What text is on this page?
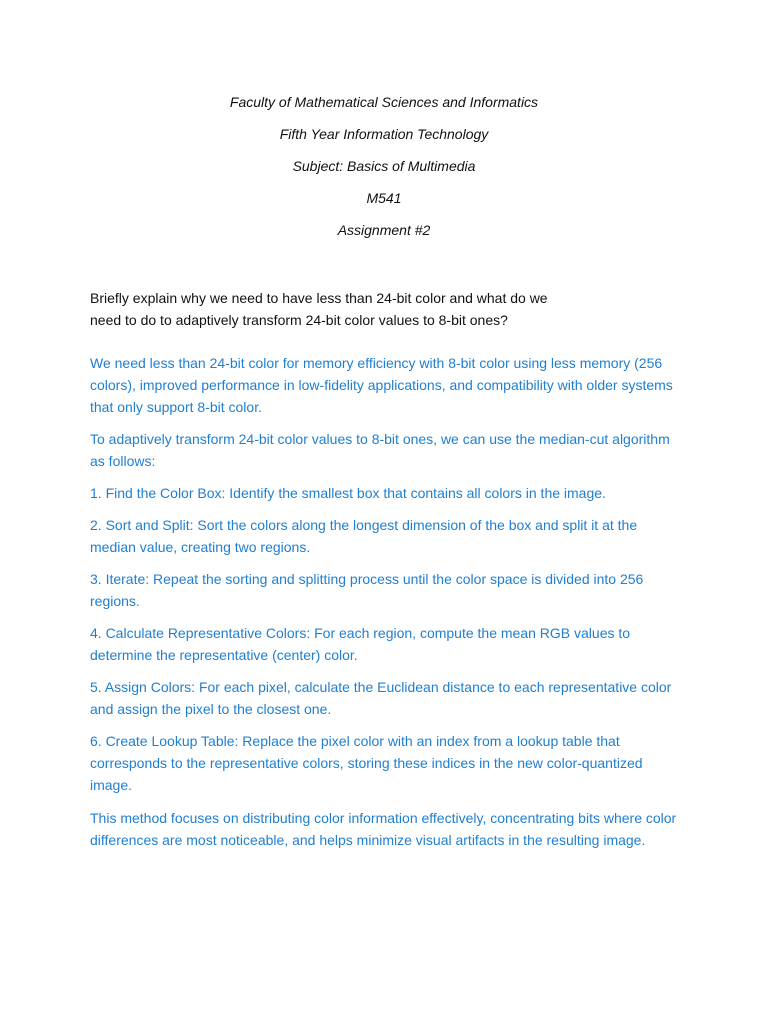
Faculty of Mathematical Sciences and Informatics

Fifth Year Information Technology

Subject: Basics of Multimedia

M541

Assignment #2

Briefly explain why we need to have less than 24-bit color and what do we need to do to adaptively transform 24-bit color values to 8-bit ones?

We need less than 24-bit color for memory efficiency with 8-bit color using less memory (256 colors), improved performance in low-fidelity applications, and compatibility with older systems that only support 8-bit color.

To adaptively transform 24-bit color values to 8-bit ones, we can use the median-cut algorithm as follows:

1. Find the Color Box: Identify the smallest box that contains all colors in the image.

2. Sort and Split: Sort the colors along the longest dimension of the box and split it at the median value, creating two regions.

3. Iterate: Repeat the sorting and splitting process until the color space is divided into 256 regions.

4. Calculate Representative Colors: For each region, compute the mean RGB values to determine the representative (center) color.

5. Assign Colors: For each pixel, calculate the Euclidean distance to each representative color and assign the pixel to the closest one.

6. Create Lookup Table: Replace the pixel color with an index from a lookup table that corresponds to the representative colors, storing these indices in the new color-quantized image.

This method focuses on distributing color information effectively, concentrating bits where color differences are most noticeable, and helps minimize visual artifacts in the resulting image.
